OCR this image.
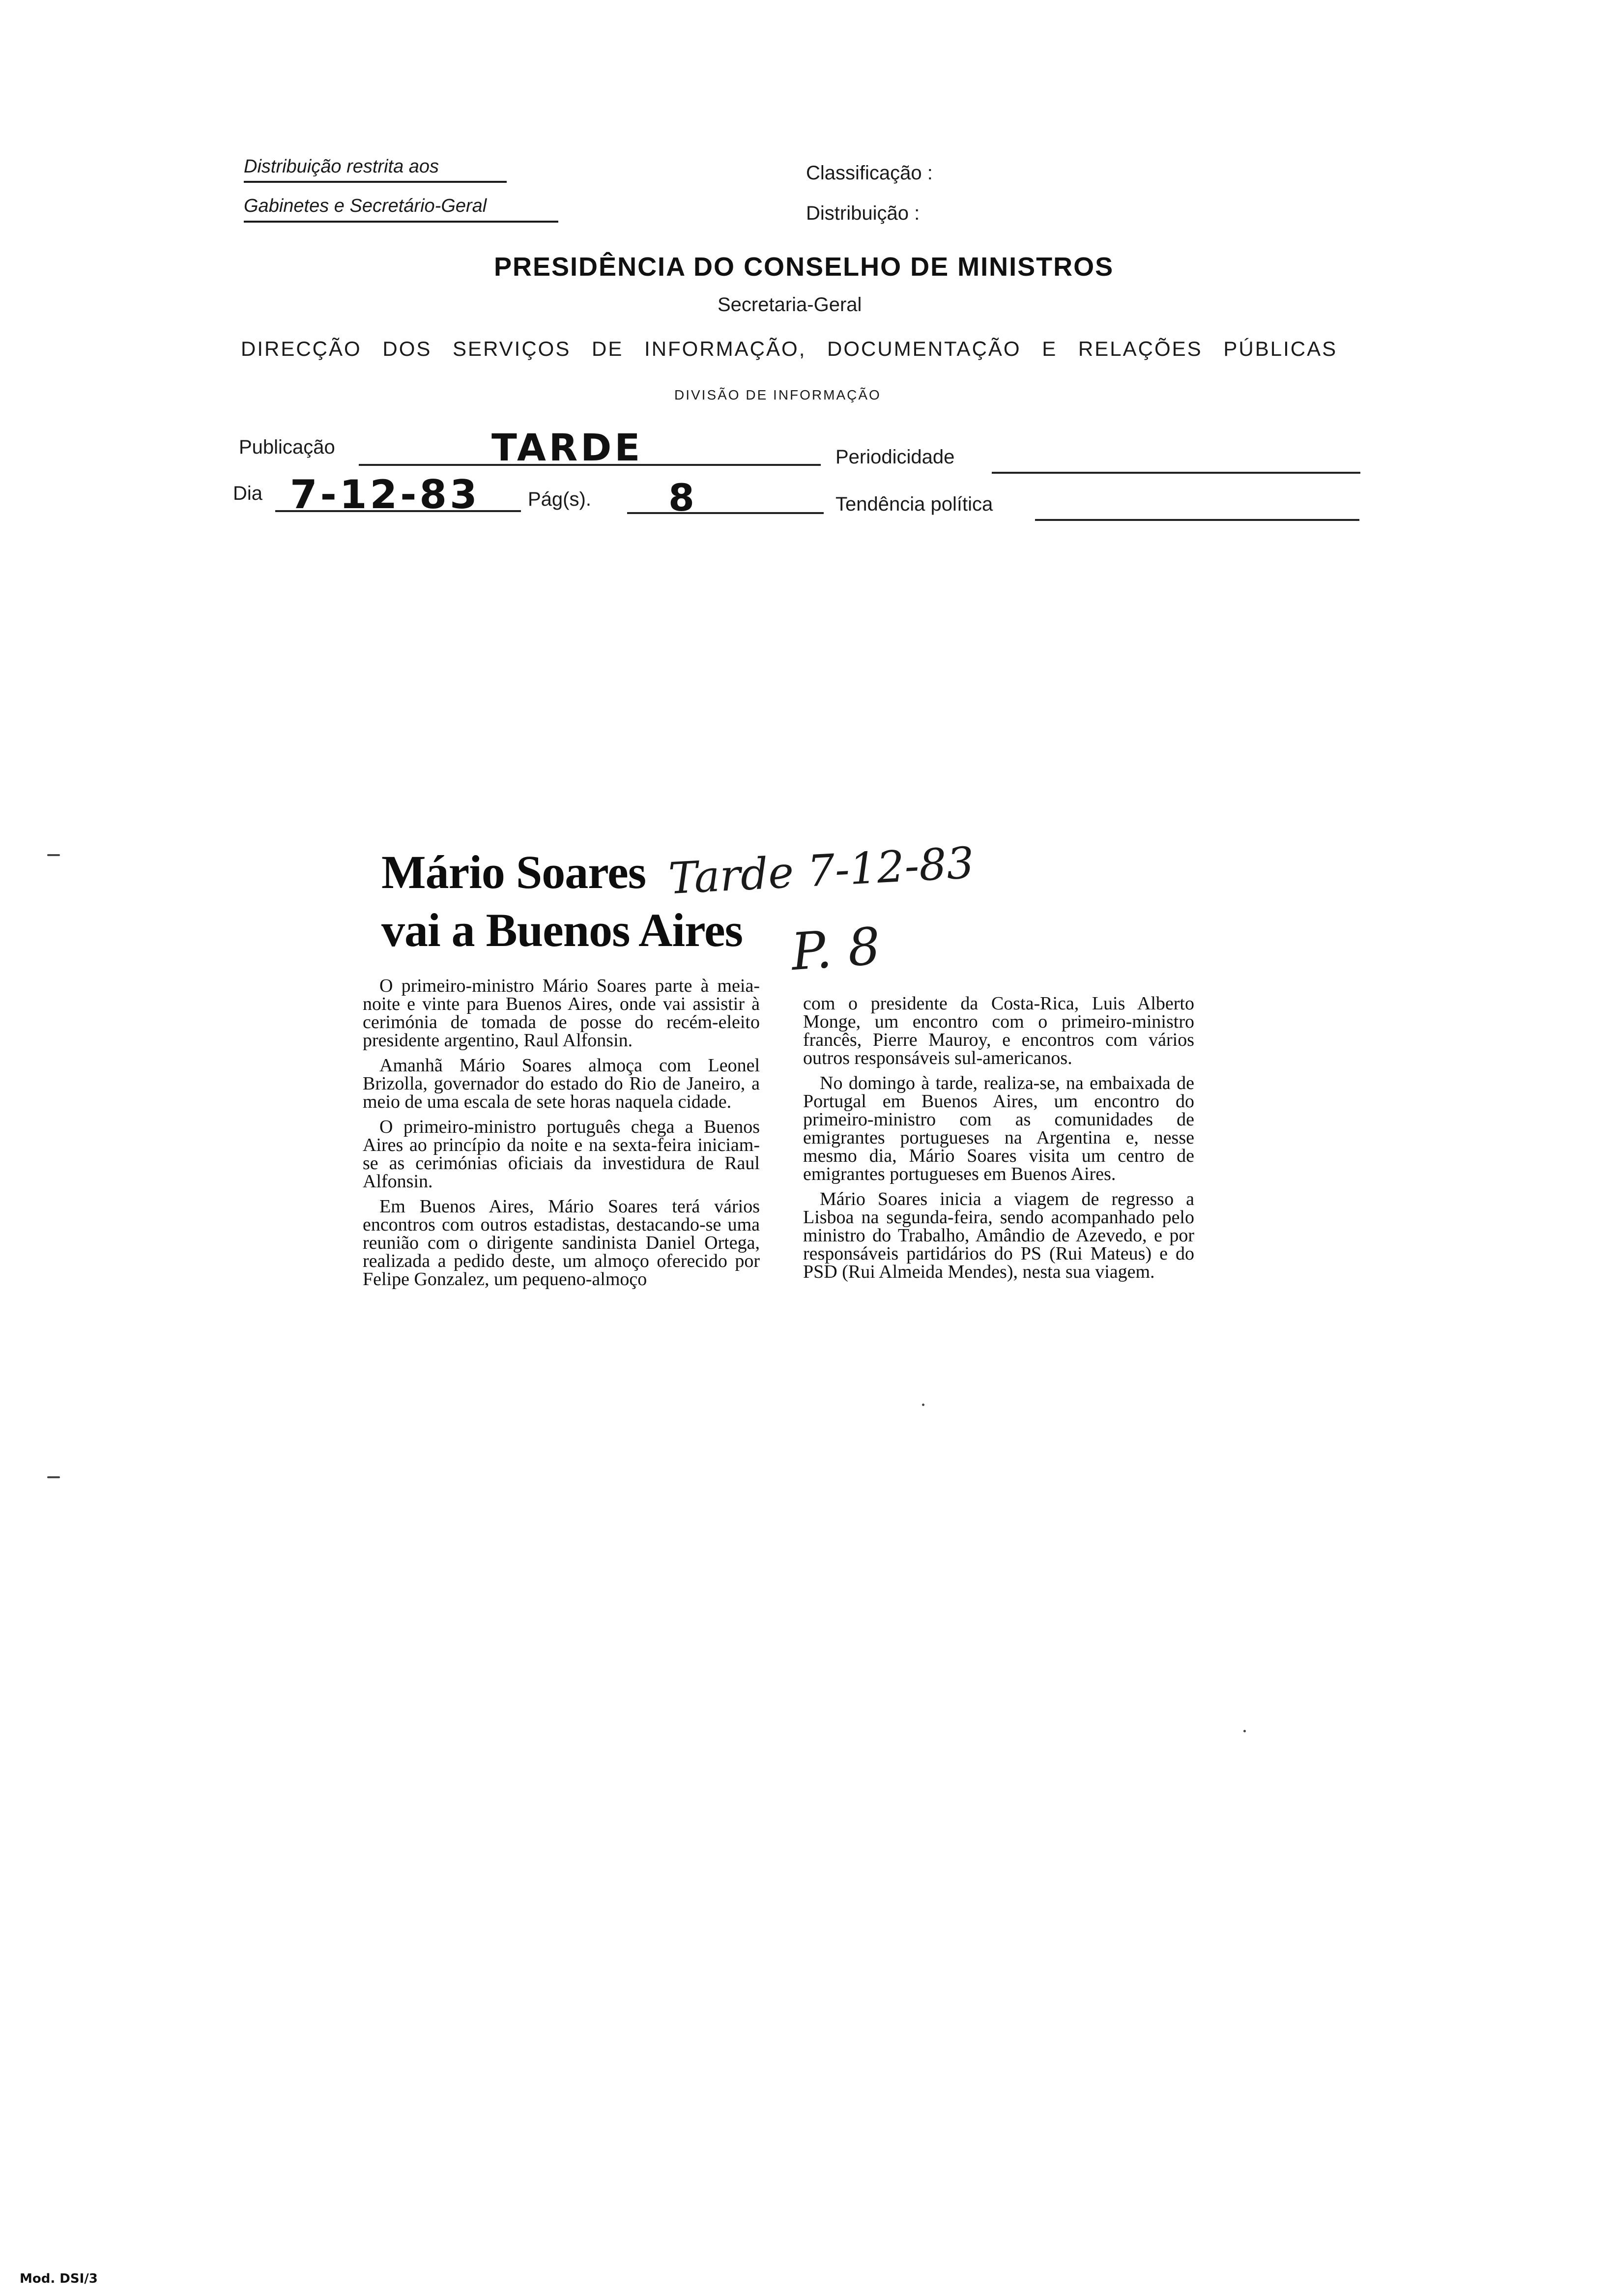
Distribuição restrita aos
Gabinetes e Secretário-Geral
Classificação :
Distribuição :
PRESIDÊNCIA DO CONSELHO DE MINISTROS
Secretaria-Geral
DIRECÇÃO DOS SERVIÇOS DE INFORMAÇÃO, DOCUMENTAÇÃO E RELAÇÕES PÚBLICAS
DIVISÃO DE INFORMAÇÃO
Publicação	TARDE	Periodicidade
Dia 7-12-83 Pág(s). 8	Tendência política
Mário Soares
vai a Buenos Aires
Tarde 7-12-83
P. 8

O primeiro-ministro Mário Soares parte à meia-noite e vinte para Buenos Aires, onde vai assistir à cerimónia de tomada de posse do recém-eleito presidente argentino, Raul Alfonsin.

Amanhã Mário Soares almoça com Leonel Brizolla, governador do estado do Rio de Janeiro, a meio de uma escala de sete horas naquela cidade.

O primeiro-ministro português chega a Buenos Aires ao princípio da noite e na sexta-feira iniciam-se as cerimónias oficiais da investidura de Raul Alfonsin.

Em Buenos Aires, Mário Soares terá vários encontros com outros estadistas, destacando-se uma reunião com o dirigente sandinista Daniel Ortega, realizada a pedido deste, um almoço oferecido por Felipe Gonzalez, um pequeno-almoço

com o presidente da Costa-Rica, Luis Alberto Monge, um encontro com o primeiro-ministro francês, Pierre Mauroy, e encontros com vários outros responsáveis sul-americanos.

No domingo à tarde, realiza-se, na embaixada de Portugal em Buenos Aires, um encontro do primeiro-ministro com as comunidades de emigrantes portugueses na Argentina e, nesse mesmo dia, Mário Soares visita um centro de emigrantes portugueses em Buenos Aires.

Mário Soares inicia a viagem de regresso a Lisboa na segunda-feira, sendo acompanhado pelo ministro do Trabalho, Amândio de Azevedo, e por responsáveis partidários do PS (Rui Mateus) e do PSD (Rui Almeida Mendes), nesta sua viagem.

Mod. DSI/3
